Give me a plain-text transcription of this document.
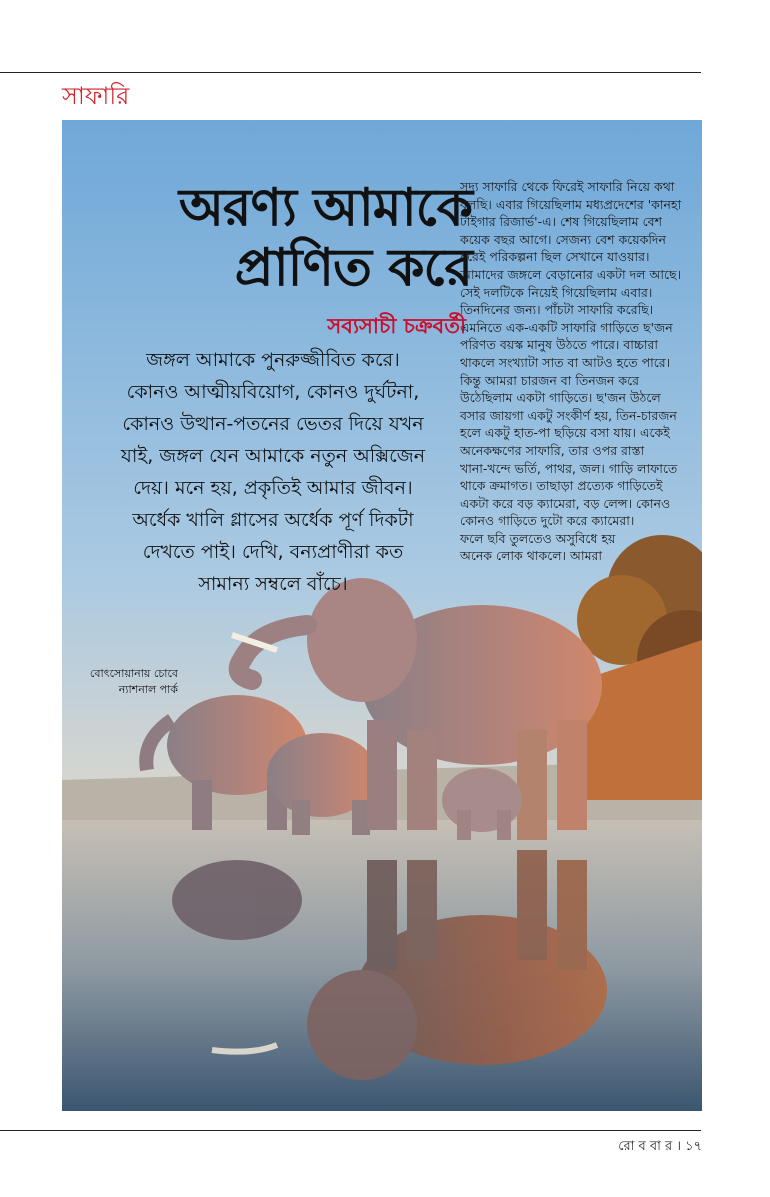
সাফারি
অরণ্য আমাকে
প্রাণিত করে
সব্যসাচী চক্রবর্তী

জঙ্গল আমাকে পুনরুজ্জীবিত করে।

কোনও আত্মীয়বিয়োগ, কোনও দুর্ঘটনা,

কোনও উত্থান-পতনের ভেতর দিয়ে যখন

যাই, জঙ্গল যেন আমাকে নতুন অক্সিজেন

দেয়। মনে হয়, প্রকৃতিই আমার জীবন।

অর্ধেক খালি গ্লাসের অর্ধেক পূর্ণ দিকটা

দেখতে পাই। দেখি, বন্যপ্রাণীরা কত

সামান্য সম্বলে বাঁচে।

সদ্য সাফারি থেকে ফিরেই সাফারি নিয়ে কথা

বলছি। এবার গিয়েছিলাম মধ্যপ্রদেশের 'কানহা

টাইগার রিজার্ভ'-এ। শেষ গিয়েছিলাম বেশ

কয়েক বছর আগে। সেজন্য বেশ কয়েকদিন

ধরেই পরিকল্পনা ছিল সেখানে যাওয়ার।

আমাদের জঙ্গলে বেড়ানোর একটা দল আছে।

সেই দলটিকে নিয়েই গিয়েছিলাম এবার।

তিনদিনের জন্য। পাঁচটা সাফারি করেছি।

এমনিতে এক-একটি সাফারি গাড়িতে ছ'জন

পরিণত বয়স্ক মানুষ উঠতে পারে। বাচ্চারা

থাকলে সংখ্যাটা সাত বা আটও হতে পারে।

কিন্তু আমরা চারজন বা তিনজন করে

উঠেছিলাম একটা গাড়িতে। ছ'জন উঠলে

বসার জায়গা একটু সংকীর্ণ হয়, তিন-চারজন

হলে একটু হাত-পা ছড়িয়ে বসা যায়। একেই

অনেকক্ষণের সাফারি, তার ওপর রাস্তা

খানা-খন্দে ভর্তি, পাথর, জল। গাড়ি লাফাতে

থাকে ক্রমাগত। তাছাড়া প্রত্যেক গাড়িতেই

একটা করে বড় ক্যামেরা, বড় লেন্স। কোনও

কোনও গাড়িতে দুটো করে ক্যামেরা।

ফলে ছবি তুলতেও অসুবিধে হয়

অনেক লোক থাকলে। আমরা

বোৎসোয়ানায় চোবে

ন্যাশনাল পার্ক

রো ব বা র । ১৭
